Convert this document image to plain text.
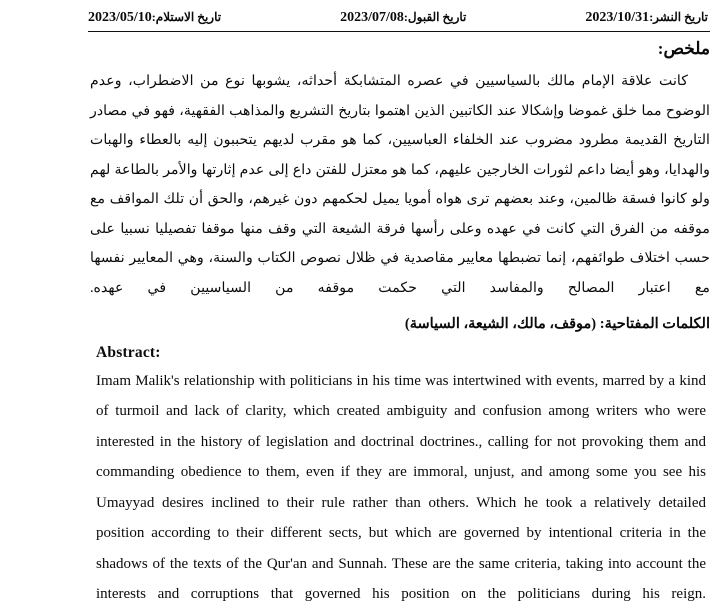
تاريخ النشر:2023/10/31
تاريخ القبول:2023/07/08
تاريخ الاستلام:2023/05/10
ملخص:

كانت علاقة الإمام مالك بالسياسيين في عصره المتشابكة أحداثه، يشوبها نوع من الاضطراب، وعدم الوضوح مما خلق غموضا وإشكالا عند الكاتبين الذين اهتموا بتاريخ التشريع والمذاهب الفقهية، فهو في مصادر التاريخ القديمة مطرود مضروب عند الخلفاء العباسيين، كما هو مقرب لديهم يتحببون إليه بالعطاء والهبات والهدايا، وهو أيضا داعم لثورات الخارجين عليهم، كما هو معتزل للفتن داع إلى عدم إثارتها والأمر بالطاعة لهم ولو كانوا فسقة ظالمين، وعند بعضهم ترى هواه أمويا يميل لحكمهم دون غيرهم، والحق أن تلك المواقف مع موقفه من الفرق التي كانت في عهده وعلى رأسها فرقة الشيعة التي وقف منها موقفا تفصيليا نسبيا على حسب اختلاف طوائفهم، إنما تضبطها معايير مقاصدية في ظلال نصوص الكتاب والسنة، وهي المعايير نفسها مع اعتبار المصالح والمفاسد التي حكمت موقفه من السياسيين في عهده.

الكلمات المفتاحية: (موقف، مالك، الشيعة، السياسة)

Abstract:

Imam Malik's relationship with politicians in his time was intertwined with events, marred by a kind of turmoil and lack of clarity, which created ambiguity and confusion among writers who were interested in the history of legislation and doctrinal doctrines., calling for not provoking them and commanding obedience to them, even if they are immoral, unjust, and among some you see his Umayyad desires inclined to their rule rather than others. Which he took a relatively detailed position according to their different sects, but which are governed by intentional criteria in the shadows of the texts of the Qur'an and Sunnah. These are the same criteria, taking into account the interests and corruptions that governed his position on the politicians during his reign.
